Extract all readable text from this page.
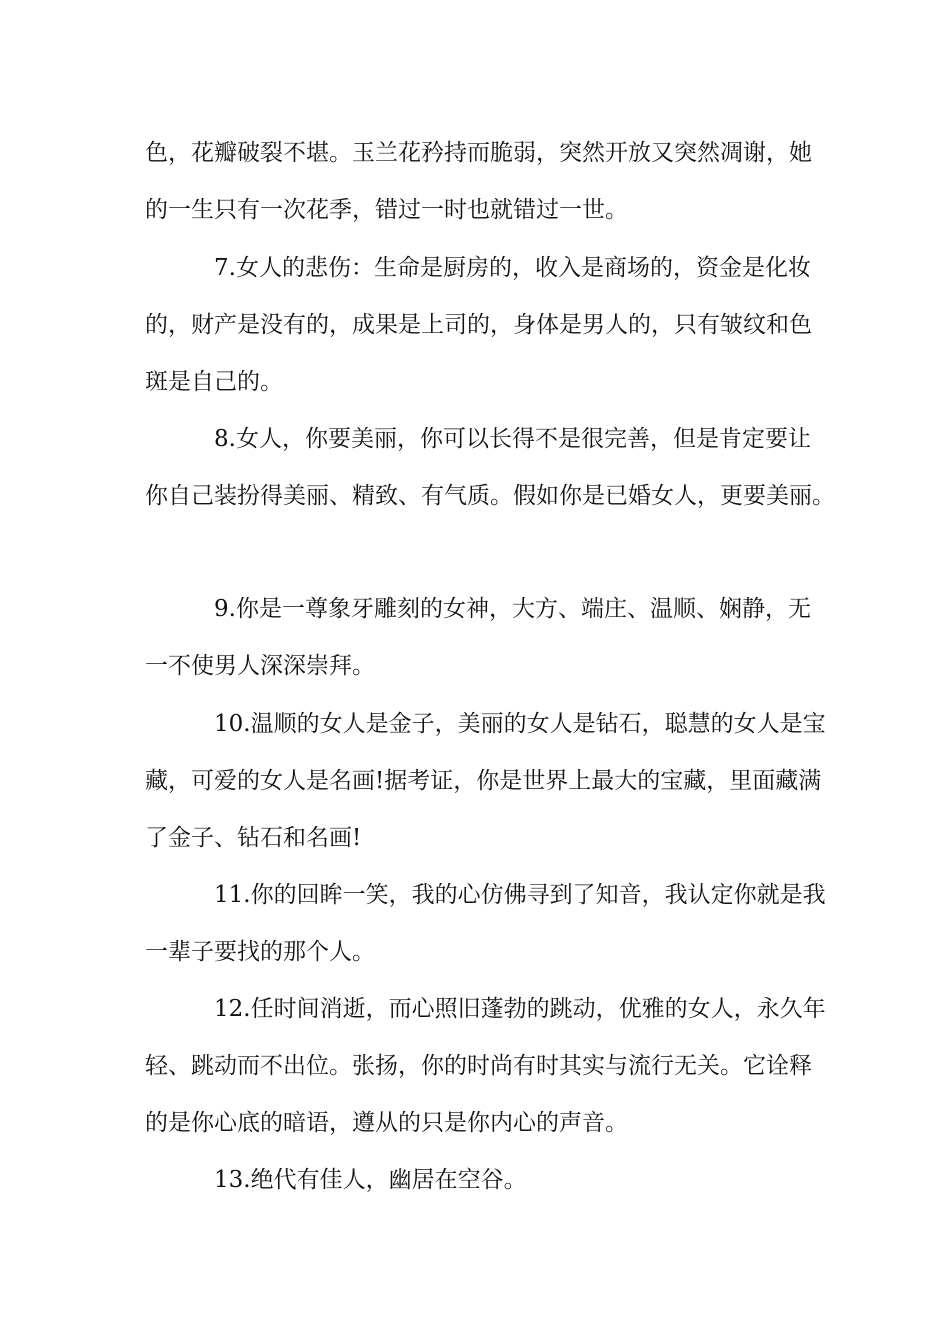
色，花瓣破裂不堪。玉兰花矜持而脆弱，突然开放又突然凋谢，她
的一生只有一次花季，错过一时也就错过一世。
7.女人的悲伤：生命是厨房的，收入是商场的，资金是化妆
的，财产是没有的，成果是上司的，身体是男人的，只有皱纹和色
斑是自己的。
8.女人，你要美丽，你可以长得不是很完善，但是肯定要让
你自己装扮得美丽、精致、有气质。假如你是已婚女人，更要美丽。
9.你是一尊象牙雕刻的女神，大方、端庄、温顺、娴静，无
一不使男人深深崇拜。
10.温顺的女人是金子，美丽的女人是钻石，聪慧的女人是宝
藏，可爱的女人是名画!据考证，你是世界上最大的宝藏，里面藏满
了金子、钻石和名画!
11.你的回眸一笑，我的心仿佛寻到了知音，我认定你就是我
一辈子要找的那个人。
12.任时间消逝，而心照旧蓬勃的跳动，优雅的女人，永久年
轻、跳动而不出位。张扬，你的时尚有时其实与流行无关。它诠释
的是你心底的暗语，遵从的只是你内心的声音。
13.绝代有佳人，幽居在空谷。
